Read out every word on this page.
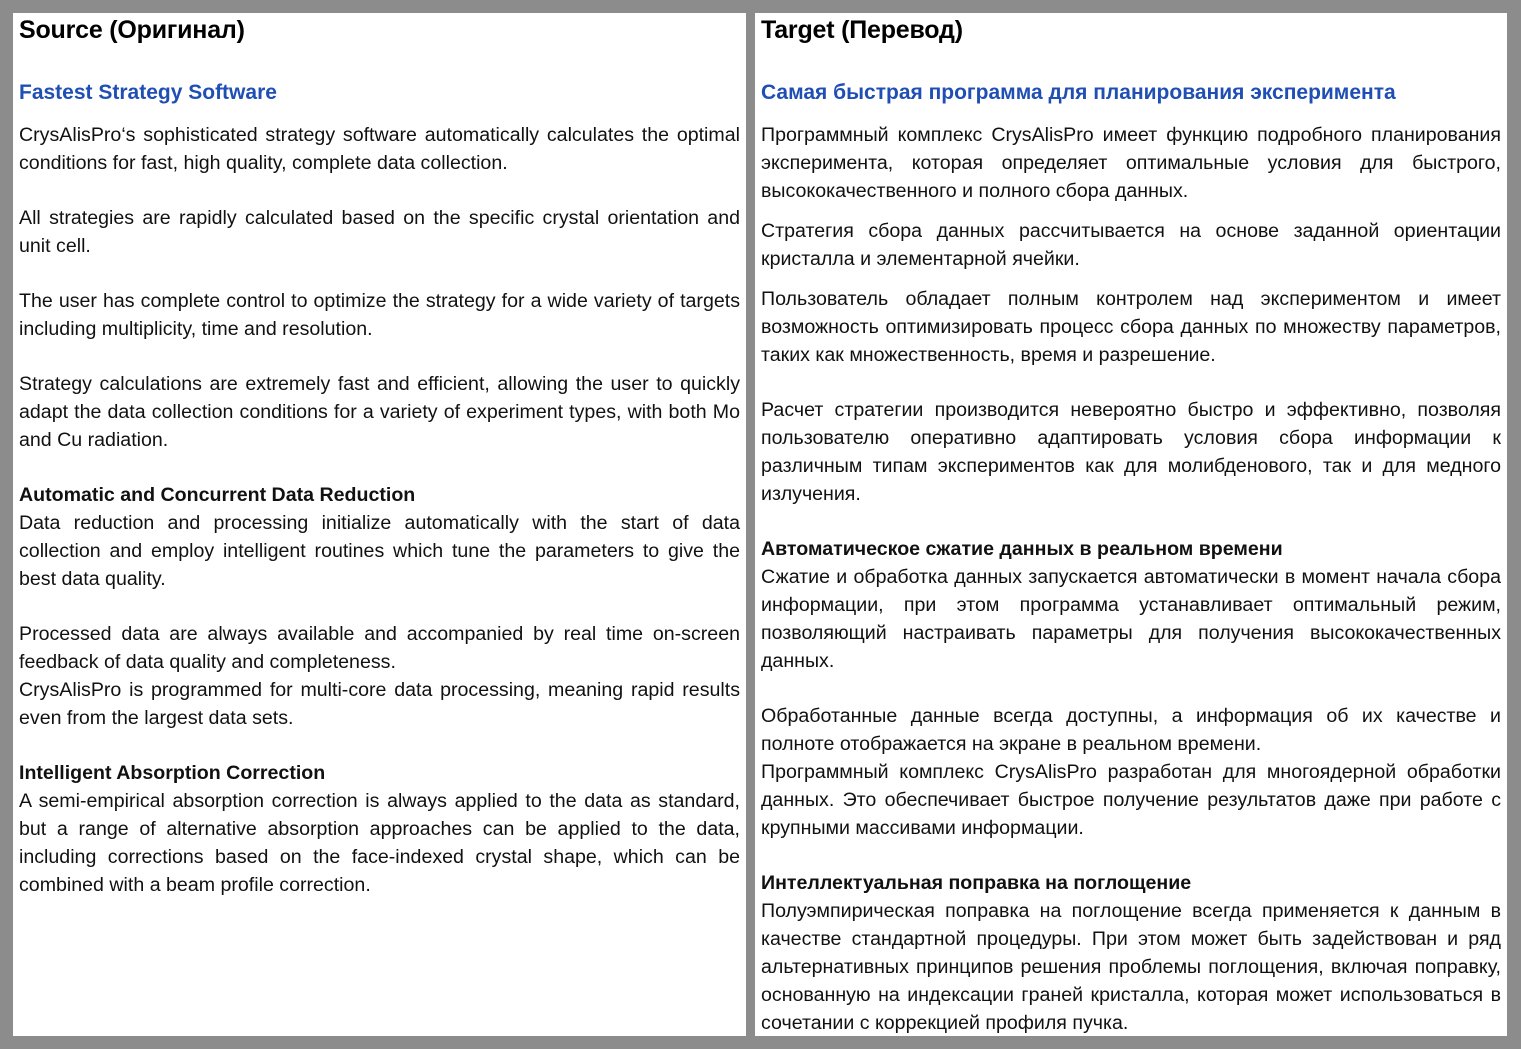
Source (Оригинал)
Fastest Strategy Software

CrysAlisPro‘s sophisticated strategy software automatically calculates the optimal conditions for fast, high quality, complete data collection.

All strategies are rapidly calculated based on the specific crystal orientation and unit cell.

The user has complete control to optimize the strategy for a wide variety of targets including multiplicity, time and resolution.

Strategy calculations are extremely fast and efficient, allowing the user to quickly adapt the data collection conditions for a variety of experiment types, with both Mo and Cu radiation.

Automatic and Concurrent Data Reduction

Data reduction and processing initialize automatically with the start of data collection and employ intelligent routines which tune the parameters to give the best data quality.

Processed data are always available and accompanied by real time on-screen feedback of data quality and completeness.

CrysAlisPro is programmed for multi-core data processing, meaning rapid results even from the largest data sets.

Intelligent Absorption Correction

A semi-empirical absorption correction is always applied to the data as standard, but a range of alternative absorption approaches can be applied to the data, including corrections based on the face-indexed crystal shape, which can be combined with a beam profile correction.

Target (Перевод)
Самая быстрая программа для планирования эксперимента

Программный комплекс CrysAlisPro имеет функцию подробного планирования эксперимента, которая определяет оптимальные условия для быстрого, высококачественного и полного сбора данных.

Стратегия сбора данных рассчитывается на основе заданной ориентации кристалла и элементарной ячейки.

Пользователь обладает полным контролем над экспериментом и имеет возможность оптимизировать процесс сбора данных по множеству параметров, таких как множественность, время и разрешение.

Расчет стратегии производится невероятно быстро и эффективно, позволяя пользователю оперативно адаптировать условия сбора информации к различным типам экспериментов как для молибденового, так и для медного излучения.

Автоматическое сжатие данных в реальном времени

Сжатие и обработка данных запускается автоматически в момент начала сбора информации, при этом программа устанавливает оптимальный режим, позволяющий настраивать параметры для получения высококачественных данных.

Обработанные данные всегда доступны, а информация об их качестве и полноте отображается на экране в реальном времени.

Программный комплекс CrysAlisPro разработан для многоядерной обработки данных. Это обеспечивает быстрое получение результатов даже при работе с крупными массивами информации.

Интеллектуальная поправка на поглощение

Полуэмпирическая поправка на поглощение всегда применяется к данным в качестве стандартной процедуры. При этом может быть задействован и ряд альтернативных принципов решения проблемы поглощения, включая поправку, основанную на индексации граней кристалла, которая может использоваться в сочетании с коррекцией профиля пучка.
